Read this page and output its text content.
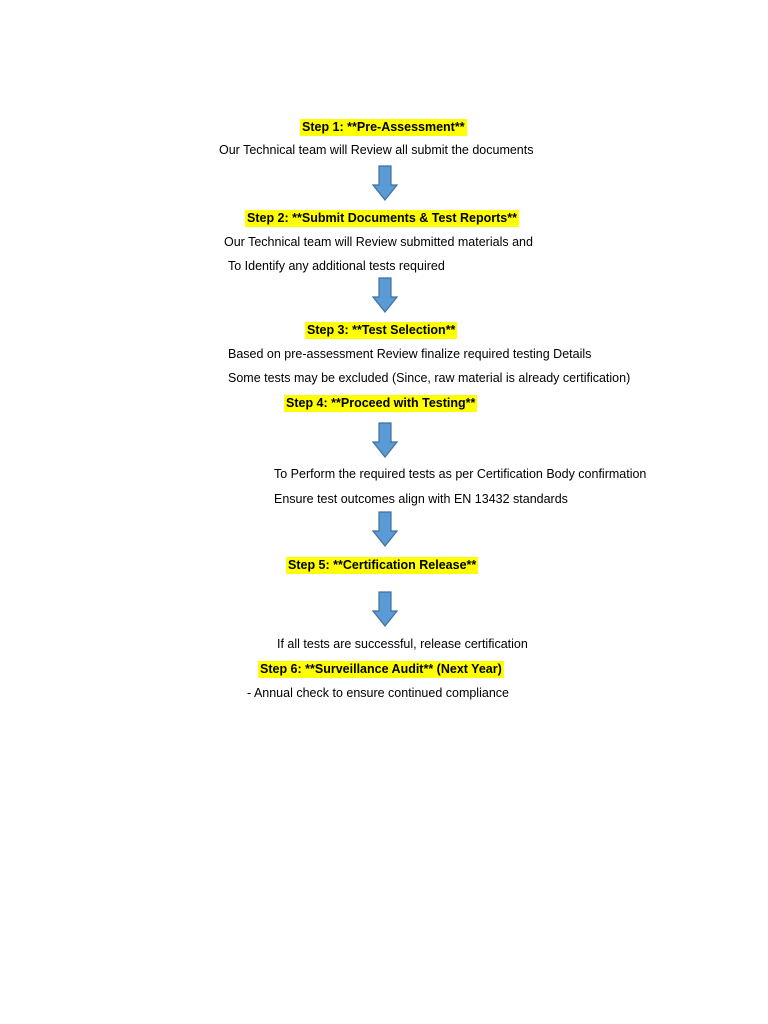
Step 1: **Pre-Assessment**
Our Technical team will Review all submit the documents
Step 2: **Submit Documents & Test Reports**
Our Technical team will Review submitted materials and
To Identify any additional tests required
Step 3: **Test Selection**
Based on pre-assessment Review finalize required testing Details
Some tests may be excluded (Since, raw material is already certification)
Step 4: **Proceed with Testing**
To Perform the required tests as per Certification Body confirmation
Ensure test outcomes align with EN 13432 standards
Step 5: **Certification Release**
If all tests are successful, release certification
Step 6: **Surveillance Audit** (Next Year)
- Annual check to ensure continued compliance
